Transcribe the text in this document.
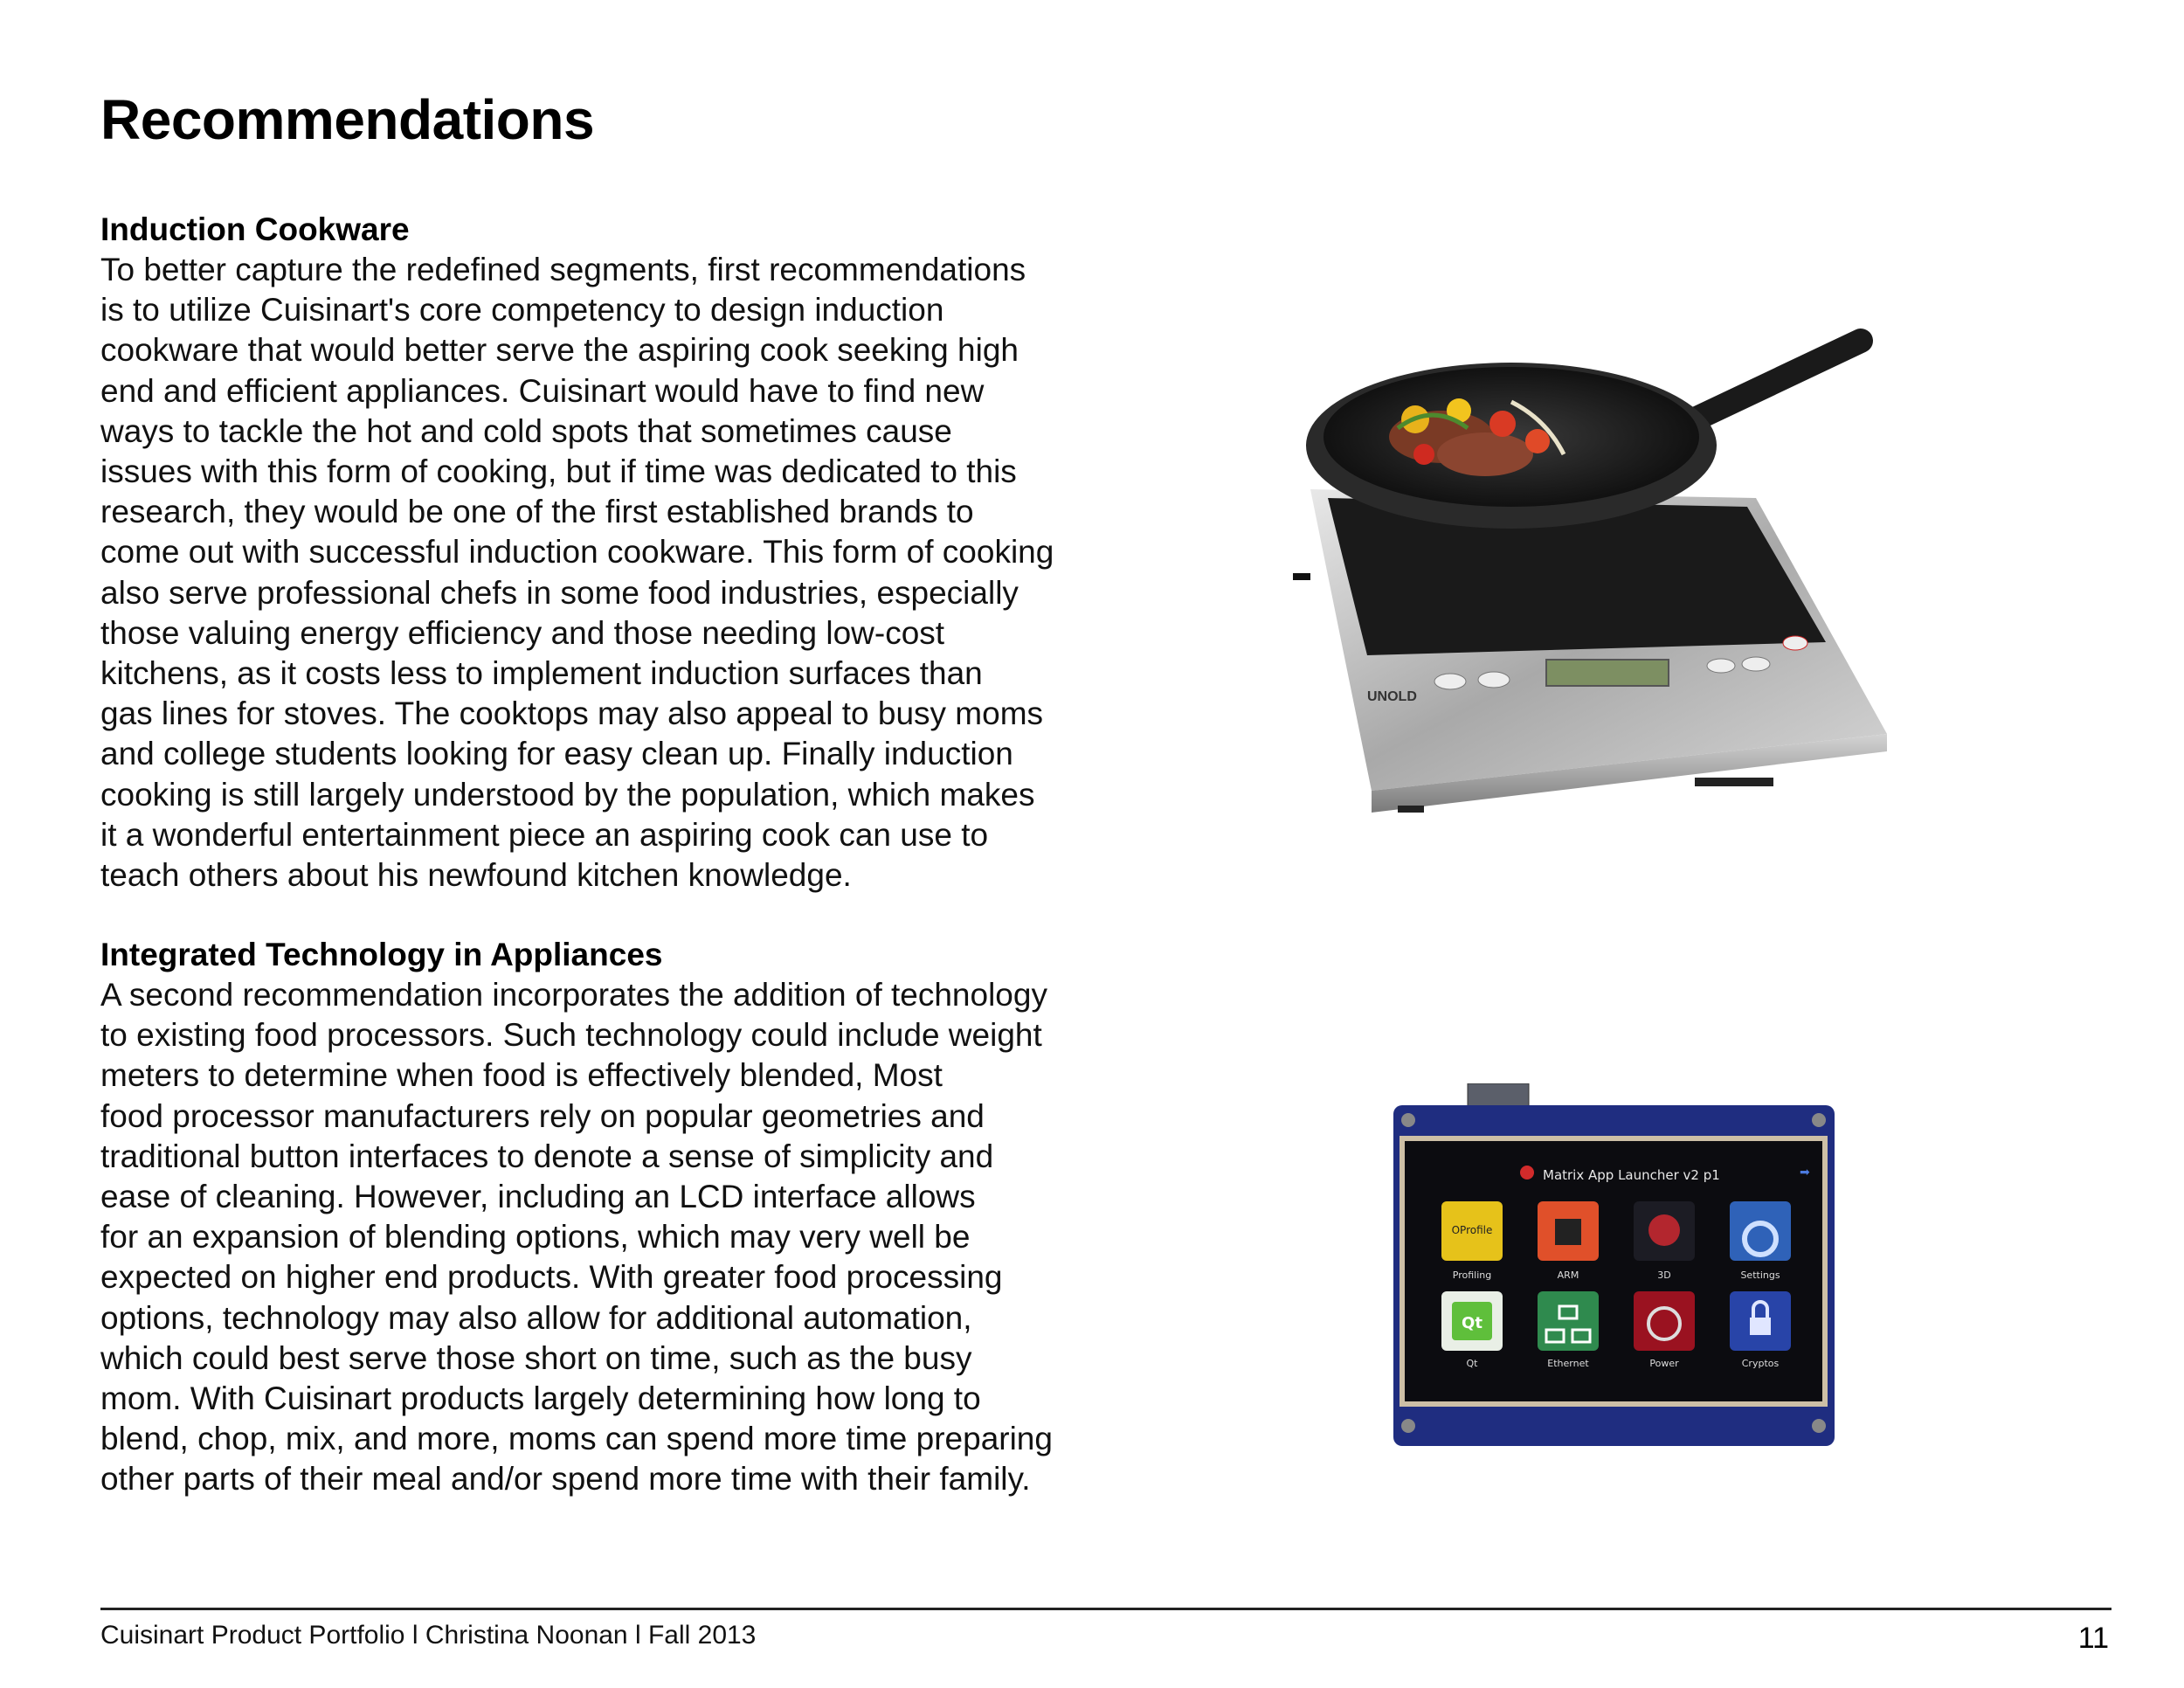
Recommendations
Induction Cookware

To better capture the redefined segments, first recommendations
is to utilize Cuisinart's core competency to design induction
cookware that would better serve the aspiring cook seeking high
end and efficient appliances. Cuisinart would have to find new
ways to tackle the hot and cold spots that sometimes cause
issues with this form of cooking, but if time was dedicated to this
research, they would be one of the first established brands to
come out with successful induction cookware. This form of cooking
also serve professional chefs in some food industries, especially
those valuing energy efficiency and those needing low-cost
kitchens, as it costs less to implement induction surfaces than
gas lines for stoves. The cooktops may also appeal to busy moms
and college students looking for easy clean up. Finally induction
cooking is still largely understood by the population, which makes
it a wonderful entertainment piece an aspiring cook can use to
teach others about his newfound kitchen knowledge.

Integrated Technology in Appliances

A second recommendation incorporates the addition of technology
to existing food processors. Such technology could include weight
meters to determine when food is effectively blended, Most
food processor manufacturers rely on popular geometries and
traditional button interfaces to denote a sense of simplicity and
ease of cleaning. However, including an LCD interface allows
for an expansion of blending options, which may very well be
expected on higher end products. With greater food processing
options, technology may also allow for additional automation,
which could best serve those short on time, such as the busy
mom. With Cuisinart products largely determining how long to
blend, chop, mix, and more, moms can spend more time preparing
other parts of their meal and/or spend more time with their family.

UNOLD
Matrix App Launcher v2 p1	➡
OProfile
Profiling	ARM	3D	Settings
Qt
Qt	Ethernet	Power	Cryptos
Cuisinart Product Portfolio l Christina Noonan l Fall 2013	11
